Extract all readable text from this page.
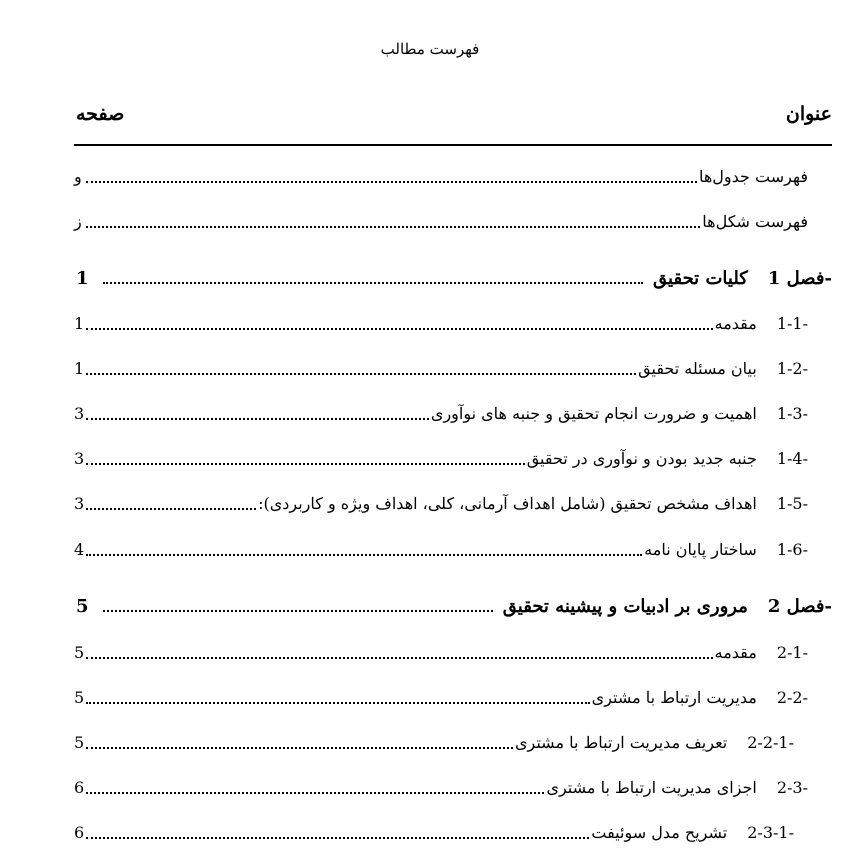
فهرست مطالب
عنوان
صفحه
فهرست جدول‌ها
و
فهرست شکل‌ها
ز
فصل 1-کلیات تحقیق
1
1-1-مقدمه
1
1-2-بیان مسئله تحقیق
1
1-3-اهمیت و ضرورت انجام تحقیق و جنبه های نوآوری
3
1-4-جنبه جدید بودن و نوآوری در تحقیق
3
1-5-اهداف مشخص تحقیق (شامل اهداف آرمانی، کلی، اهداف ویژه و کاربردی):
3
1-6-ساختار پایان نامه
4
فصل 2-مروری بر ادبیات و پیشینه تحقیق
5
2-1-مقدمه
5
2-2-مدیریت ارتباط با مشتری
5
2-2-1-تعریف مدیریت ارتباط با مشتری
5
2-3-اجزای مدیریت ارتباط با مشتری
6
2-3-1-تشریح مدل سوئیفت
6
